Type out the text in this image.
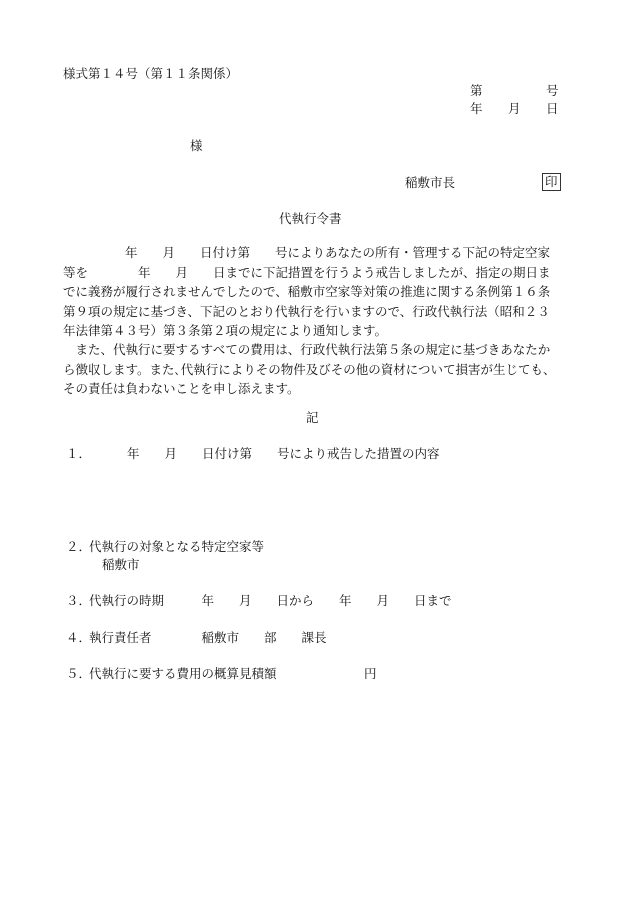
様式第１４号（第１１条関係）
第	号
年 月 日
様
稲敷市長	印
代執行令書
年　　月　　日付け第　　号によりあなたの所有・管理する下記の特定空家
等を　　　　年　　月　　日までに下記措置を行うよう戒告しましたが、指定の期日ま
でに義務が履行されませんでしたので、稲敷市空家等対策の推進に関する条例第１６条
第９項の規定に基づき、下記のとおり代執行を行いますので、行政代執行法（昭和２３
年法律第４３号）第３条第２項の規定により通知します。
　また、代執行に要するすべての費用は、行政代執行法第５条の規定に基づきあなたか
ら徴収します。また､代執行によりその物件及びその他の資材について損害が生じても、
その責任は負わないことを申し添えます。
記
１．	年　　月　　日付け第　　号により戒告した措置の内容
２．
代執行の対象となる特定空家等
稲敷市
３．
代執行の時期　　　年　　月　　日から　　年　　月　　日まで
４．
執行責任者　　　　稲敷市　　部　　課長
５．
代執行に要する費用の概算見積額　　　　　　　円
